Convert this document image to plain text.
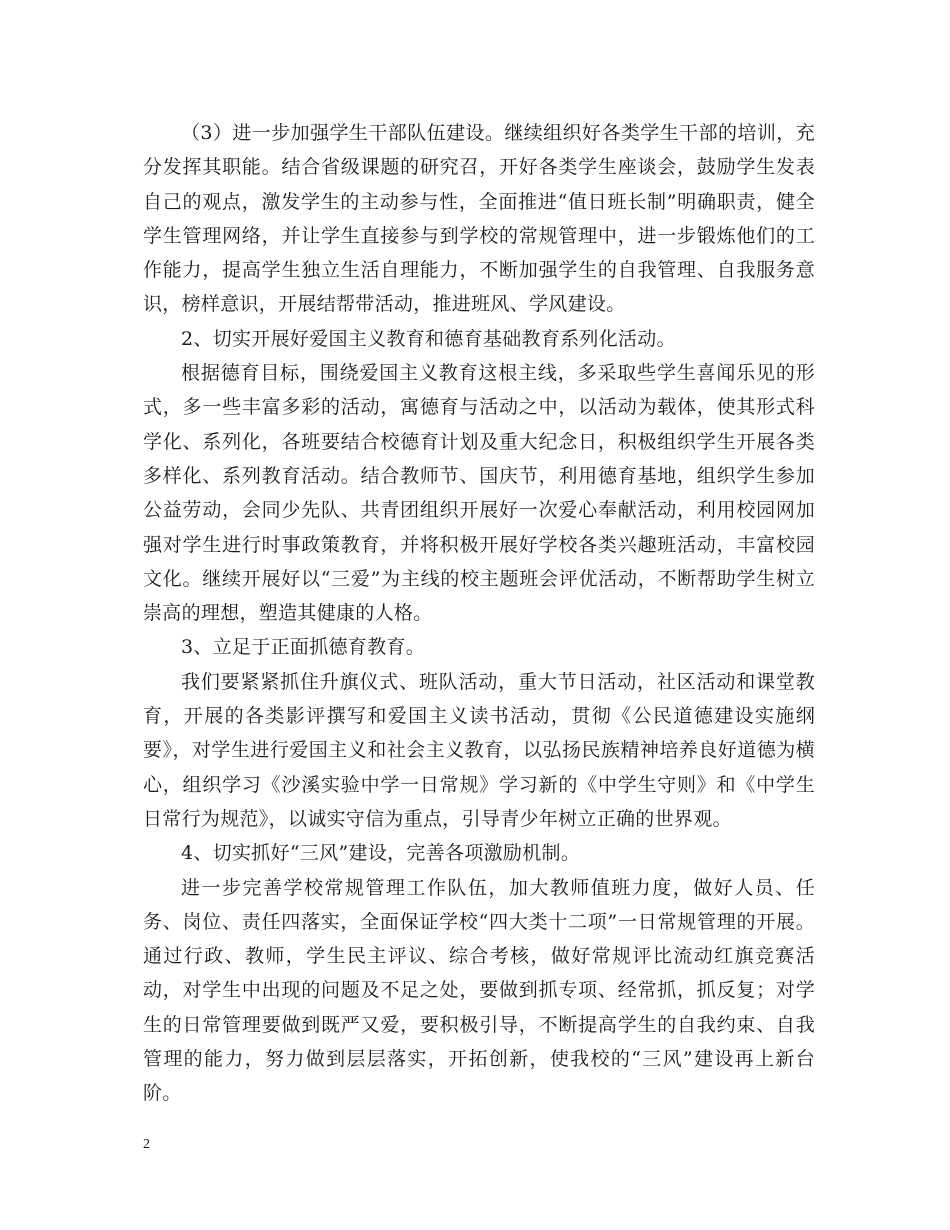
（3）进一步加强学生干部队伍建设。继续组织好各类学生干部的培训，充分发挥其职能。结合省级课题的研究召，开好各类学生座谈会，鼓励学生发表自己的观点，激发学生的主动参与性，全面推进“值日班长制”明确职责，健全学生管理网络，并让学生直接参与到学校的常规管理中，进一步锻炼他们的工作能力，提高学生独立生活自理能力，不断加强学生的自我管理、自我服务意识，榜样意识，开展结帮带活动，推进班风、学风建设。

2、切实开展好爱国主义教育和德育基础教育系列化活动。

根据德育目标，围绕爱国主义教育这根主线，多采取些学生喜闻乐见的形式，多一些丰富多彩的活动，寓德育与活动之中，以活动为载体，使其形式科学化、系列化，各班要结合校德育计划及重大纪念日，积极组织学生开展各类多样化、系列教育活动。结合教师节、国庆节，利用德育基地，组织学生参加公益劳动，会同少先队、共青团组织开展好一次爱心奉献活动，利用校园网加强对学生进行时事政策教育，并将积极开展好学校各类兴趣班活动，丰富校园文化。继续开展好以“三爱”为主线的校主题班会评优活动，不断帮助学生树立崇高的理想，塑造其健康的人格。

3、立足于正面抓德育教育。

我们要紧紧抓住升旗仪式、班队活动，重大节日活动，社区活动和课堂教育，开展的各类影评撰写和爱国主义读书活动，贯彻《公民道德建设实施纲要》，对学生进行爱国主义和社会主义教育，以弘扬民族精神培养良好道德为横心，组织学习《沙溪实验中学一日常规》学习新的《中学生守则》和《中学生日常行为规范》，以诚实守信为重点，引导青少年树立正确的世界观。

4、切实抓好“三风”建设，完善各项激励机制。

进一步完善学校常规管理工作队伍，加大教师值班力度，做好人员、任务、岗位、责任四落实，全面保证学校“四大类十二项”一日常规管理的开展。通过行政、教师，学生民主评议、综合考核，做好常规评比流动红旗竞赛活动，对学生中出现的问题及不足之处，要做到抓专项、经常抓，抓反复；对学生的日常管理要做到既严又爱，要积极引导，不断提高学生的自我约束、自我管理的能力，努力做到层层落实，开拓创新，使我校的“三风”建设再上新台阶。

2
